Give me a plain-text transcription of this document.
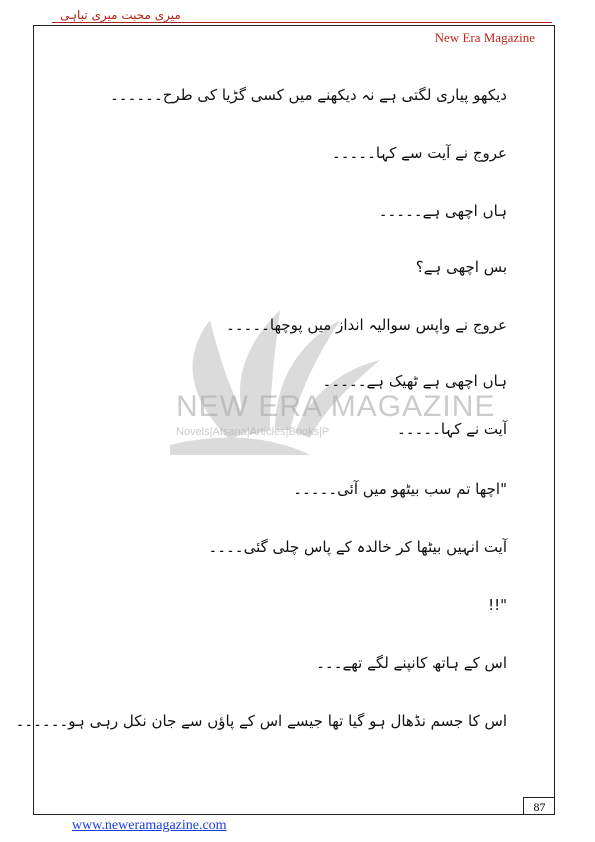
میری محبت میری تباہی
New Era Magazine
NEW ERA MAGAZINE
Novels|Afsana|Articles|Books|P
دیکھو پیاری لگتی ہے نہ دیکھنے میں کسی گڑیا کی طرح۔۔۔۔۔۔
عروج نے آیت سے کہا۔۔۔۔۔
ہاں اچھی ہے۔۔۔۔۔
بس اچھی ہے؟
عروج نے واپس سوالیہ انداز میں پوچھا۔۔۔۔۔
ہاں اچھی ہے ٹھیک ہے۔۔۔۔۔
آیت نے کہا۔۔۔۔۔
"اچھا تم سب بیٹھو میں آئی۔۔۔۔۔
آیت انہیں بیٹھا کر خالدہ کے پاس چلی گئی۔۔۔۔
"!!
اس کے ہاتھ کانپنے لگے تھے۔۔۔
اس کا جسم نڈھال ہو گیا تھا جیسے اس کے پاؤں سے جان نکل رہی ہو۔۔۔۔۔۔
87
www.neweramagazine.com
